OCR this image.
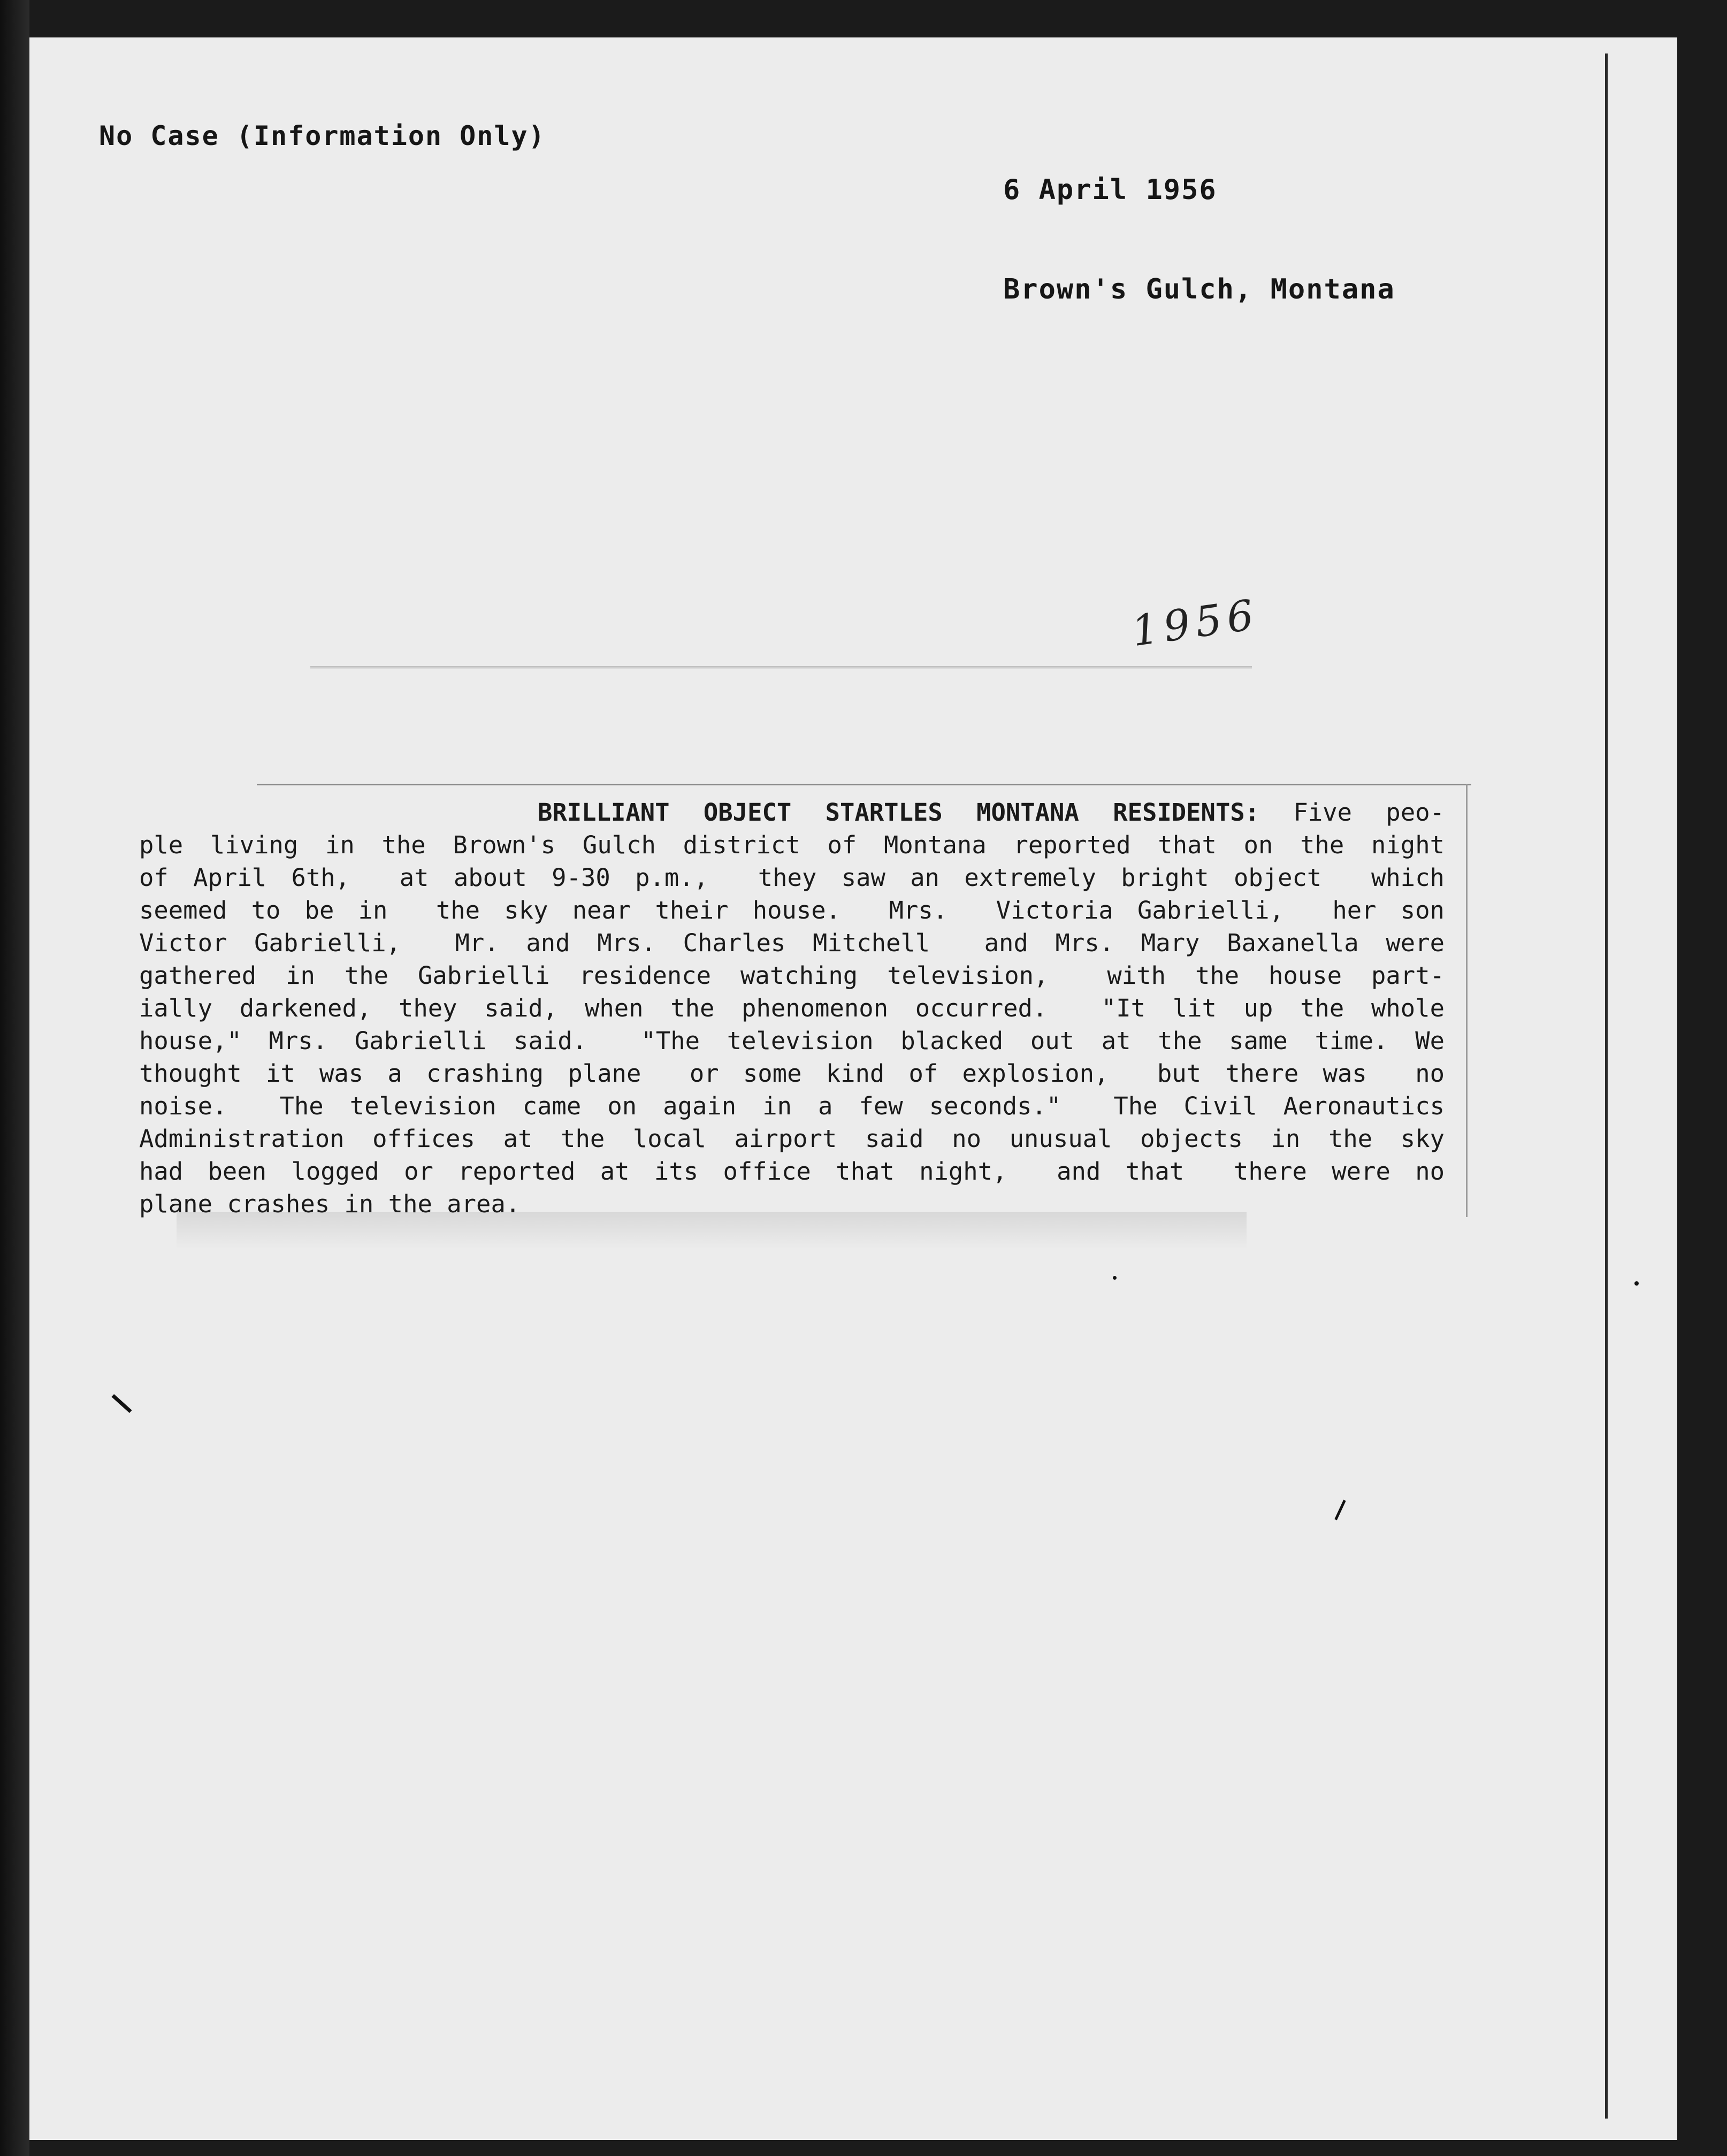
No Case (Information Only)

6 April 1956

Brown's Gulch, Montana

1956
BRILLIANT OBJECT STARTLES MONTANA RESIDENTS: Five peo-
ple living in the Brown's Gulch district of Montana reported that on the night
of April 6th,  at about 9-30 p.m.,  they saw an extremely bright object  which
seemed to be in  the sky near their house.  Mrs.  Victoria Gabrielli,  her son
Victor Gabrielli,  Mr. and Mrs. Charles Mitchell  and Mrs. Mary Baxanella were
gathered in the Gabrielli residence watching television,  with the house part-
ially darkened, they said, when the phenomenon occurred.  "It lit up the whole
house," Mrs. Gabrielli said.  "The television blacked out at the same time. We
thought it was a crashing plane  or some kind of explosion,  but there was  no
noise.  The television came on again in a few seconds."  The Civil Aeronautics
Administration offices at the local airport said no unusual objects in the sky
had been logged or reported at its office that night,  and that  there were no
plane crashes in the area.
